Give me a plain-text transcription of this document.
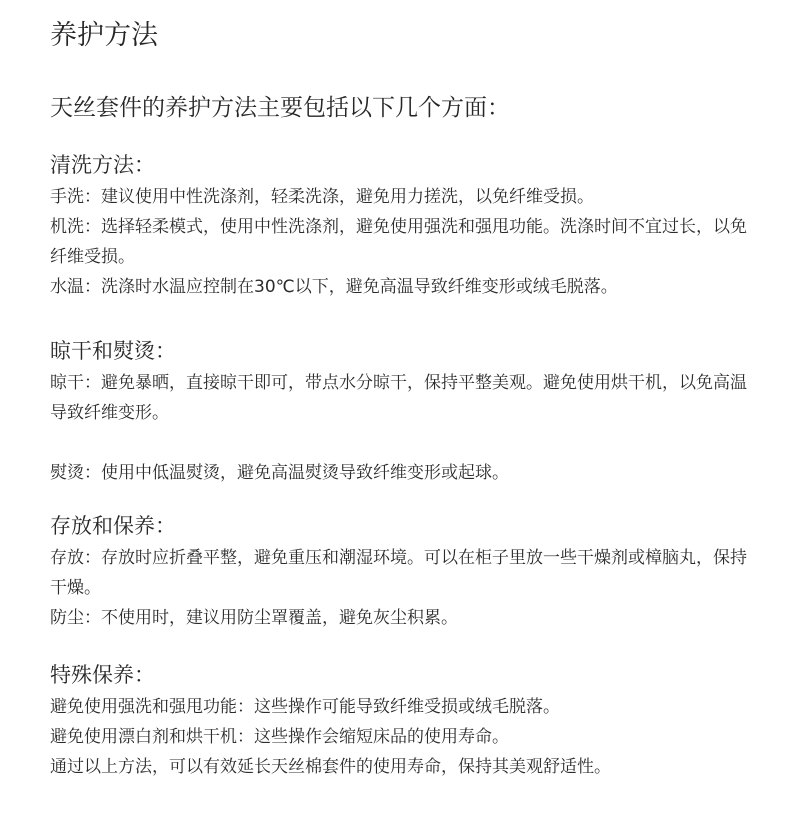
养护方法

天丝套件的养护方法主要包括以下几个方面：

清洗方法：

手洗：建议使用中性洗涤剂，轻柔洗涤，避免用力搓洗，以免纤维受损。

机洗：选择轻柔模式，使用中性洗涤剂，避免使用强洗和强甩功能。洗涤时间不宜过长，以免纤维受损。

水温：洗涤时水温应控制在30℃以下，避免高温导致纤维变形或绒毛脱落。

晾干和熨烫：

晾干：避免暴晒，直接晾干即可，带点水分晾干，保持平整美观。避免使用烘干机，以免高温导致纤维变形。

熨烫：使用中低温熨烫，避免高温熨烫导致纤维变形或起球。

存放和保养：

存放：存放时应折叠平整，避免重压和潮湿环境。可以在柜子里放一些干燥剂或樟脑丸，保持干燥。

防尘：不使用时，建议用防尘罩覆盖，避免灰尘积累。

特殊保养：

避免使用强洗和强甩功能：这些操作可能导致纤维受损或绒毛脱落。

避免使用漂白剂和烘干机：这些操作会缩短床品的使用寿命。

通过以上方法，可以有效延长天丝棉套件的使用寿命，保持其美观舒适性。
